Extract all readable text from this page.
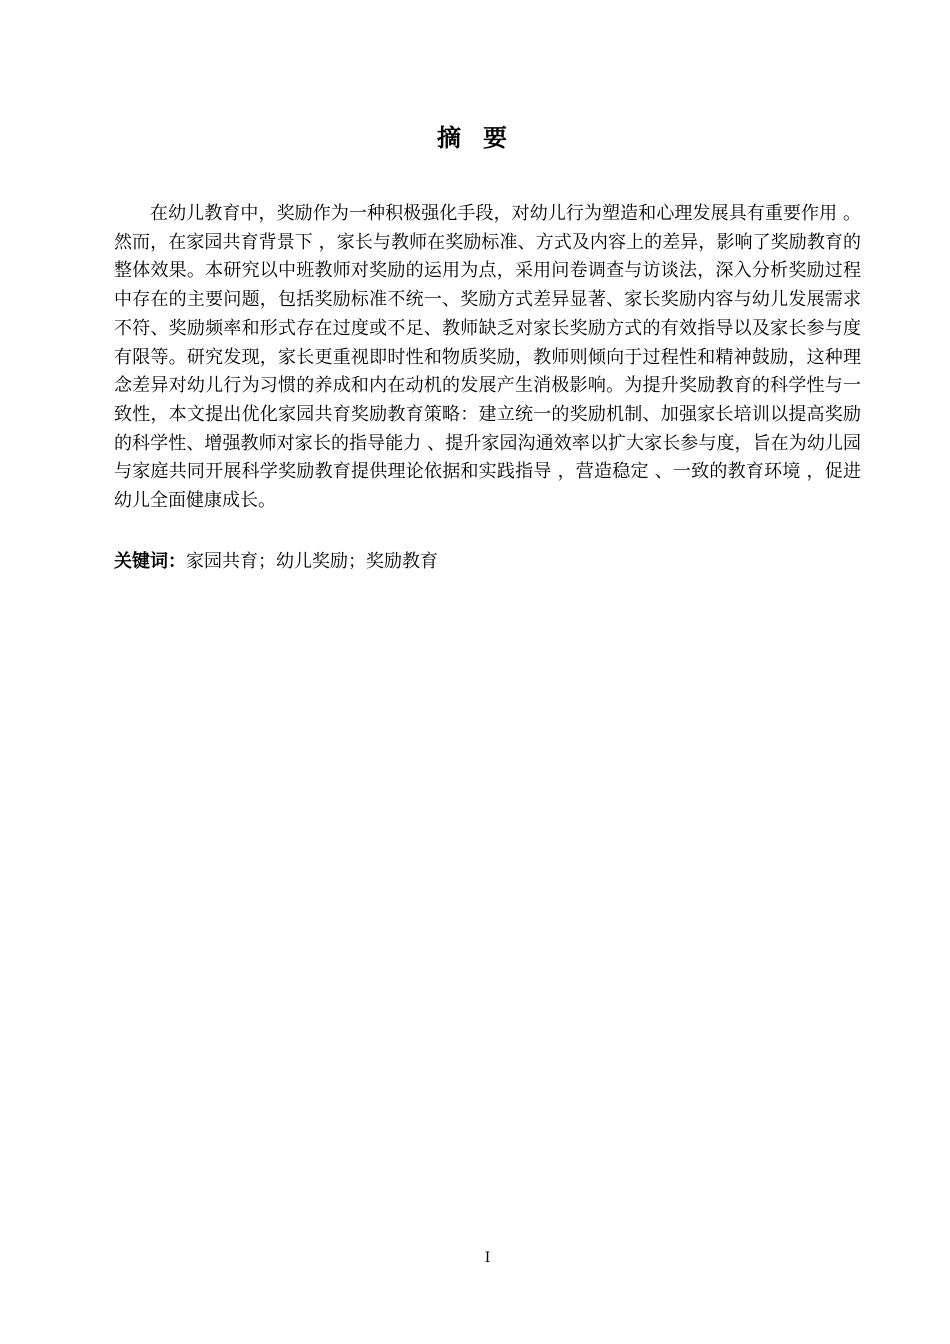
摘要

在幼儿教育中，奖励作为一种积极强化手段，对幼儿行为塑造和心理发展具有重要作用 。然而，在家园共育背景下 ，家长与教师在奖励标准、方式及内容上的差异，影响了奖励教育的整体效果。本研究以中班教师对奖励的运用为点，采用问卷调查与访谈法，深入分析奖励过程中存在的主要问题，包括奖励标准不统一、奖励方式差异显著、家长奖励内容与幼儿发展需求不符、奖励频率和形式存在过度或不足、教师缺乏对家长奖励方式的有效指导以及家长参与度有限等。研究发现，家长更重视即时性和物质奖励，教师则倾向于过程性和精神鼓励，这种理念差异对幼儿行为习惯的养成和内在动机的发展产生消极影响。为提升奖励教育的科学性与一致性，本文提出优化家园共育奖励教育策略：建立统一的奖励机制、加强家长培训以提高奖励的科学性、增强教师对家长的指导能力 、提升家园沟通效率以扩大家长参与度，旨在为幼儿园与家庭共同开展科学奖励教育提供理论依据和实践指导 ，营造稳定 、一致的教育环境 ，促进幼儿全面健康成长。

关键词：家园共育；幼儿奖励；奖励教育

I
